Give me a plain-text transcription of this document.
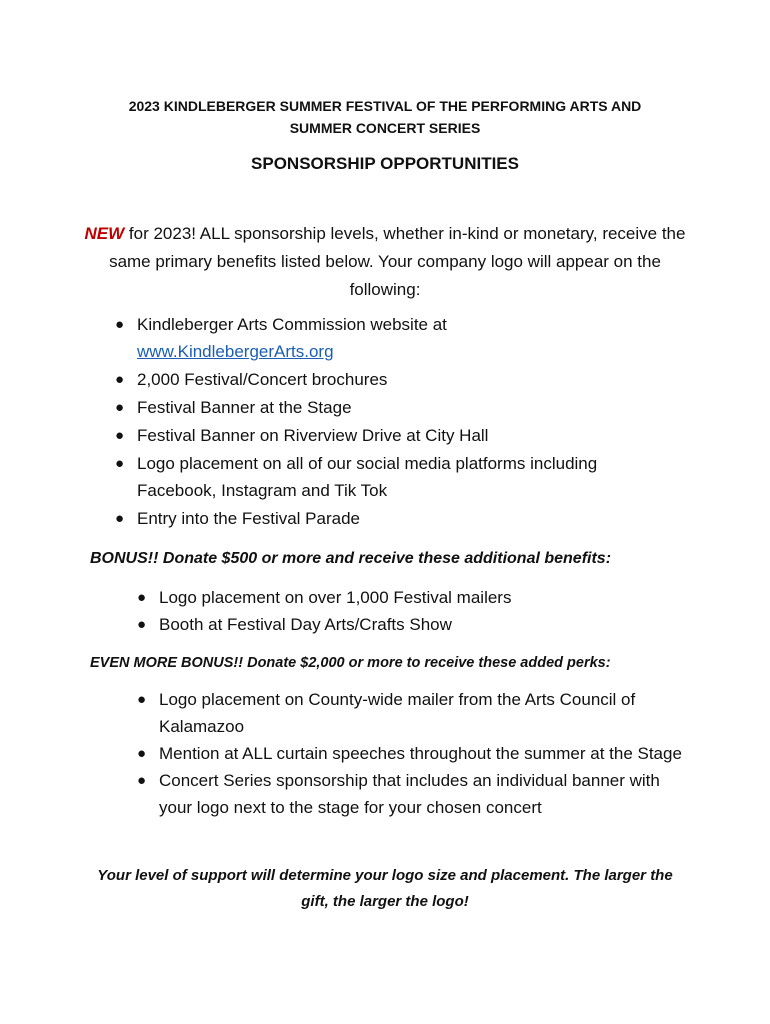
2023 KINDLEBERGER SUMMER FESTIVAL OF THE PERFORMING ARTS AND
SUMMER CONCERT SERIES
SPONSORSHIP OPPORTUNITIES
NEW for 2023! ALL sponsorship levels, whether in-kind or monetary, receive the same primary benefits listed below. Your company logo will appear on the following:
● Kindleberger Arts Commission website at
www.KindlebergerArts.org
● 2,000 Festival/Concert brochures
● Festival Banner at the Stage
● Festival Banner on Riverview Drive at City Hall
● Logo placement on all of our social media platforms including Facebook, Instagram and Tik Tok
● Entry into the Festival Parade
BONUS!! Donate $500 or more and receive these additional benefits:
● Logo placement on over 1,000 Festival mailers
● Booth at Festival Day Arts/Crafts Show
EVEN MORE BONUS!! Donate $2,000 or more to receive these added perks:
● Logo placement on County-wide mailer from the Arts Council of Kalamazoo
● Mention at ALL curtain speeches throughout the summer at the Stage
● Concert Series sponsorship that includes an individual banner with your logo next to the stage for your chosen concert
Your level of support will determine your logo size and placement. The larger the gift, the larger the logo!
